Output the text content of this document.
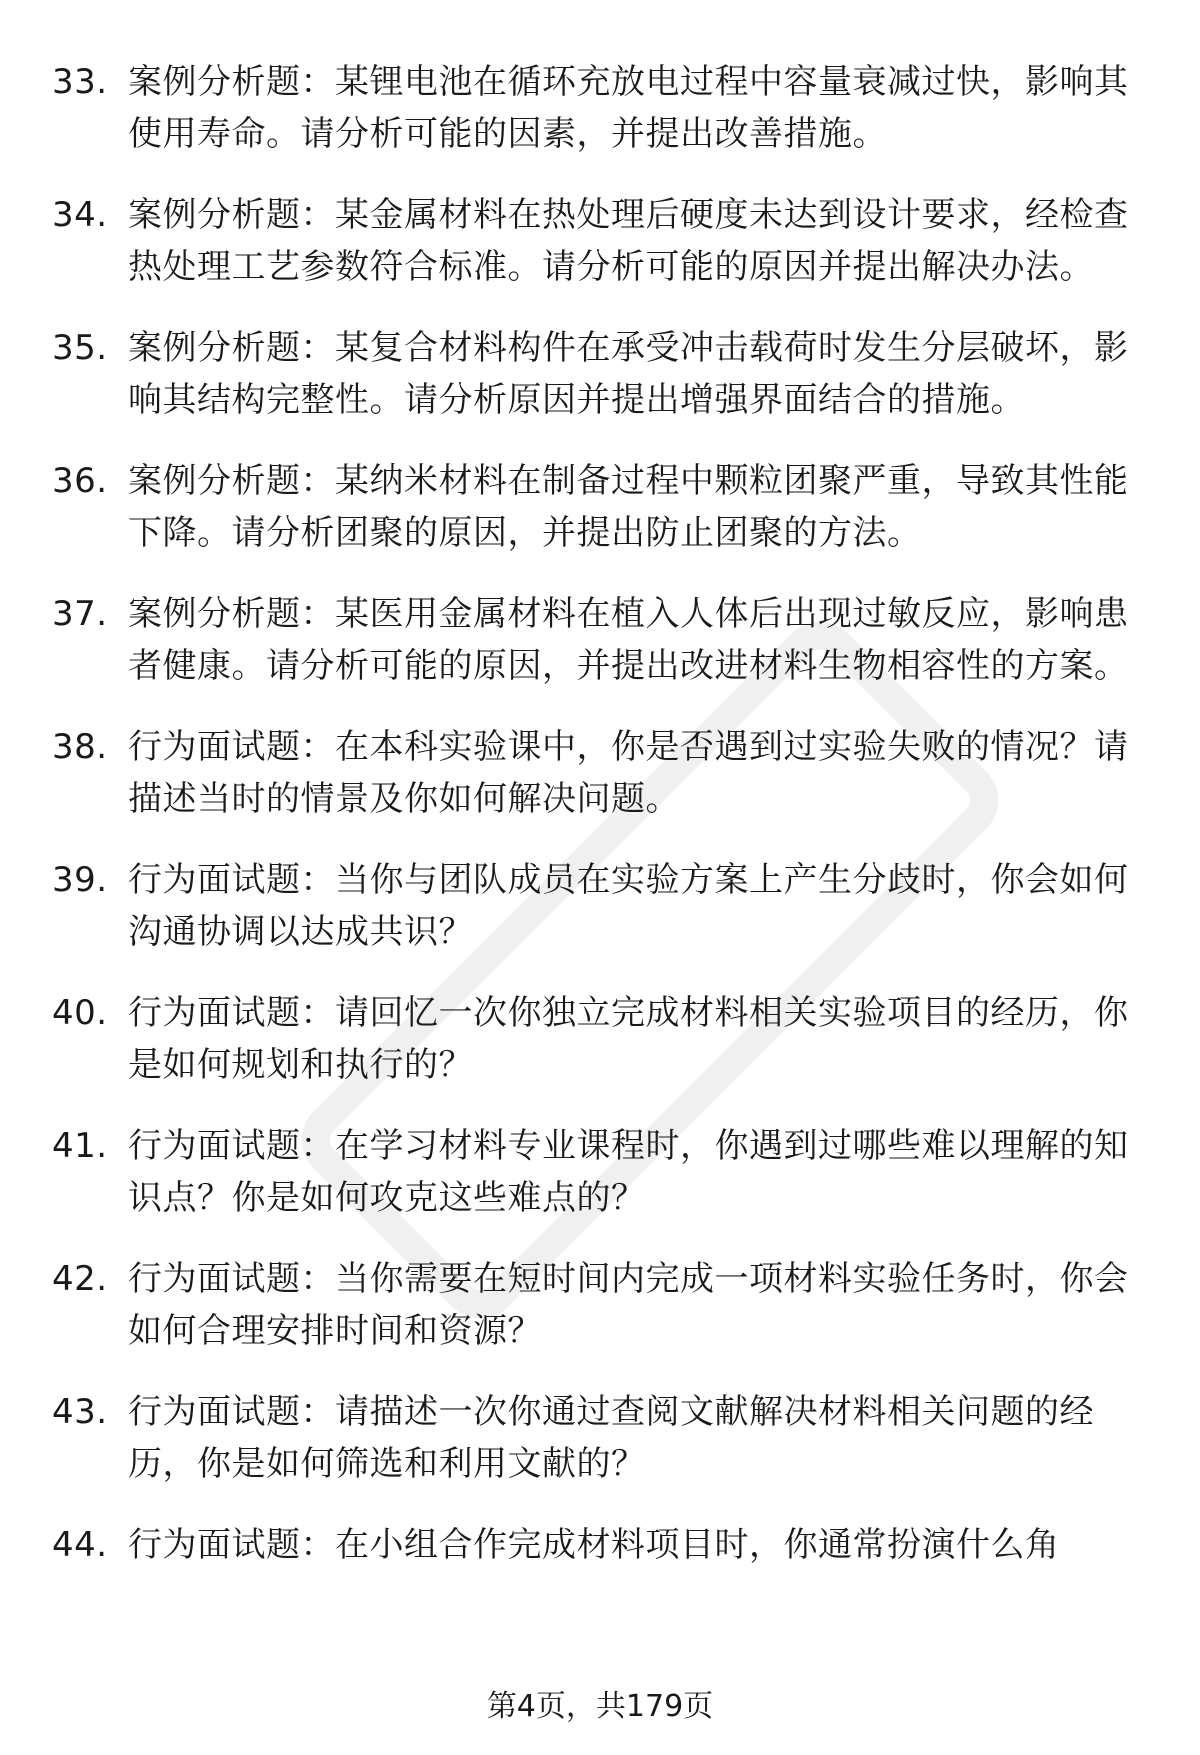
33. 案例分析题：某锂电池在循环充放电过程中容量衰减过快，影响其使用寿命。请分析可能的因素，并提出改善措施。
34. 案例分析题：某金属材料在热处理后硬度未达到设计要求，经检查热处理工艺参数符合标准。请分析可能的原因并提出解决办法。
35. 案例分析题：某复合材料构件在承受冲击载荷时发生分层破坏，影响其结构完整性。请分析原因并提出增强界面结合的措施。
36. 案例分析题：某纳米材料在制备过程中颗粒团聚严重，导致其性能下降。请分析团聚的原因，并提出防止团聚的方法。
37. 案例分析题：某医用金属材料在植入人体后出现过敏反应，影响患者健康。请分析可能的原因，并提出改进材料生物相容性的方案。
38. 行为面试题：在本科实验课中，你是否遇到过实验失败的情况？请描述当时的情景及你如何解决问题。
39. 行为面试题：当你与团队成员在实验方案上产生分歧时，你会如何沟通协调以达成共识？
40. 行为面试题：请回忆一次你独立完成材料相关实验项目的经历，你是如何规划和执行的？
41. 行为面试题：在学习材料专业课程时，你遇到过哪些难以理解的知识点？你是如何攻克这些难点的？
42. 行为面试题：当你需要在短时间内完成一项材料实验任务时，你会如何合理安排时间和资源？
43. 行为面试题：请描述一次你通过查阅文献解决材料相关问题的经历，你是如何筛选和利用文献的？
44. 行为面试题：在小组合作完成材料项目时，你通常扮演什么角
第4页，共179页
